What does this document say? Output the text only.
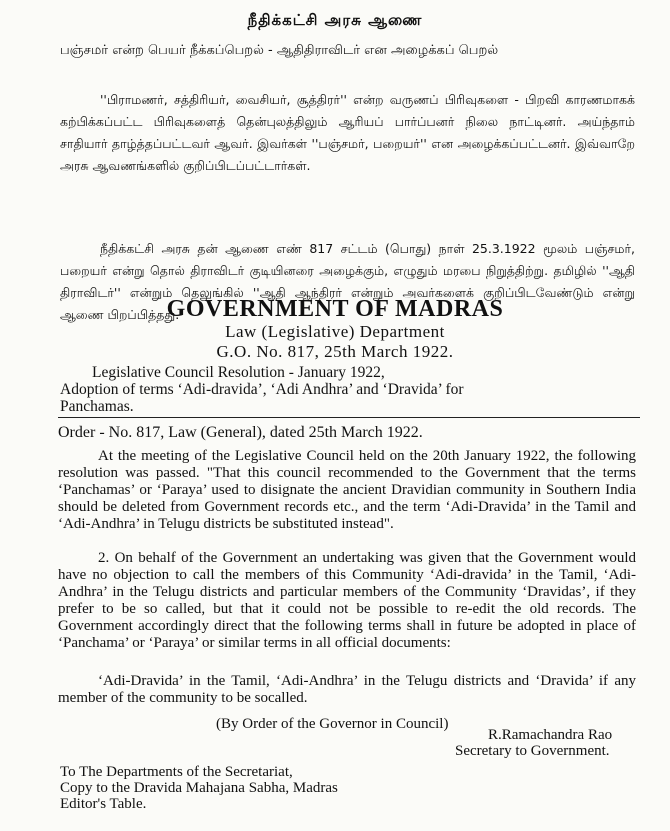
நீதிக்கட்சி அரசு ஆணை
பஞ்சமர் என்ற பெயர் நீக்கப்பெறல் - ஆதிதிராவிடர் என அழைக்கப் பெறல்

''பிராமணர், சத்திரியர், வைசியர், சூத்திரர்'' என்ற வருணப் பிரிவுகளை - பிறவி காரணமாகக் கற்பிக்கப்பட்ட பிரிவுகளைத் தென்புலத்திலும் ஆரியப் பார்ப்பனர் நிலை நாட்டினர். அய்ந்தாம் சாதியார் தாழ்த்தப்பட்டவர் ஆவர். இவர்கள் ''பஞ்சமர், பறையர்'' என அழைக்கப்பட்டனர். இவ்வாறே அரசு ஆவணங்களில் குறிப்பிடப்பட்டார்கள்.

நீதிக்கட்சி அரசு தன் ஆணை எண் 817 சட்டம் (பொது) நாள் 25.3.1922 மூலம் பஞ்சமர், பறையர் என்று தொல் திராவிடர் குடியினரை அழைக்கும், எழுதும் மரபை நிறுத்திற்று. தமிழில் ''ஆதி திராவிடர்'' என்றும் தெலுங்கில் ''ஆதி ஆந்திரர் என்றும் அவர்களைக் குறிப்பிடவேண்டும் என்று ஆணை பிறப்பித்தது.

GOVERNMENT OF MADRAS
Law (Legislative) Department
G.O. No. 817, 25th March 1922.
Legislative Council Resolution - January 1922,
Adoption of terms ‘Adi-dravida’, ‘Adi Andhra’ and ‘Dravida’ for
Panchamas.
Order - No. 817, Law (General), dated 25th March 1922.

At the meeting of the Legislative Council held on the 20th January 1922, the following resolution was passed. "That this council recommended to the Government that the terms ‘Panchamas’ or ‘Paraya’ used to disignate the ancient Dravidian community in Southern India should be deleted from Government records etc., and the term ‘Adi-Dravida’ in the Tamil and ‘Adi-Andhra’ in Telugu districts be substituted instead".

2. On behalf of the Government an undertaking was given that the Government would have no objection to call the members of this Community ‘Adi-dravida’ in the Tamil, ‘Adi-Andhra’ in the Telugu districts and particular members of the Community ‘Dravidas’, if they prefer to be so called, but that it could not be possible to re-edit the old records. The Government accordingly direct that the following terms shall in future be adopted in place of ‘Panchama’ or ‘Paraya’ or similar terms in all official documents:

‘Adi-Dravida’ in the Tamil, ‘Adi-Andhra’ in the Telugu districts and ‘Dravida’ if any member of the community to be socalled.

(By Order of the Governor in Council)
R.Ramachandra Rao
Secretary to Government.
To The Departments of the Secretariat,
Copy to the Dravida Mahajana Sabha, Madras
Editor's Table.
